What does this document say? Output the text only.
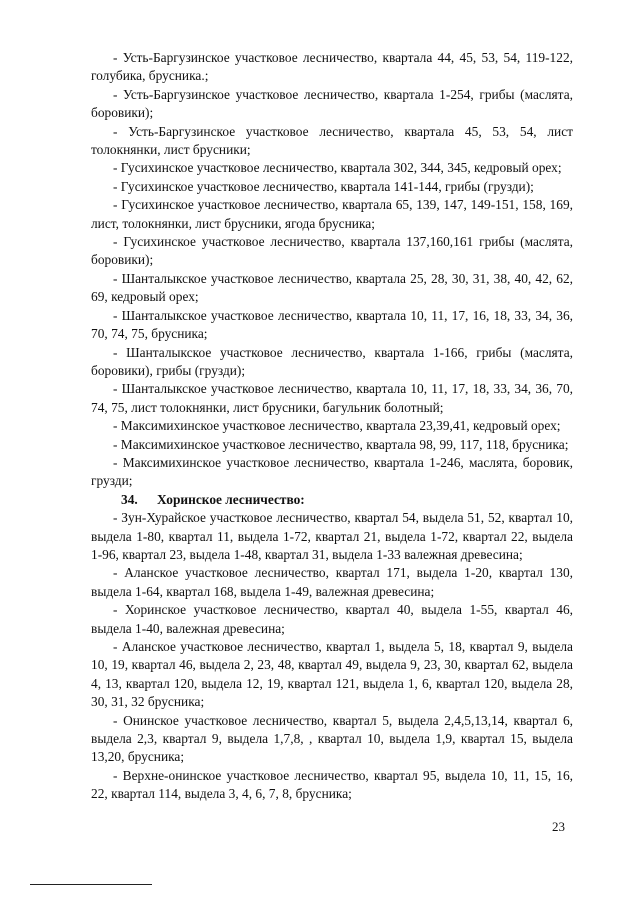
- Усть-Баргузинское участковое лесничество, квартала 44, 45, 53, 54, 119-122, голубика, брусника.;

- Усть-Баргузинское участковое лесничество, квартала 1-254, грибы (маслята, боровики);

- Усть-Баргузинское участковое лесничество, квартала 45, 53, 54, лист толокнянки, лист брусники;

- Гусихинское участковое лесничество, квартала 302, 344, 345, кедровый орех;

- Гусихинское участковое лесничество, квартала 141-144, грибы (грузди);

- Гусихинское участковое лесничество, квартала 65, 139, 147, 149-151, 158, 169, лист, толокнянки, лист брусники, ягода брусника;

- Гусихинское участковое лесничество, квартала 137,160,161 грибы (маслята, боровики);

- Шанталыкское участковое лесничество, квартала 25, 28, 30, 31, 38, 40, 42, 62, 69, кедровый орех;

- Шанталыкское участковое лесничество, квартала 10, 11, 17, 16, 18, 33, 34, 36, 70, 74, 75, брусника;

- Шанталыкское участковое лесничество, квартала 1-166, грибы (маслята, боровики), грибы (грузди);

- Шанталыкское участковое лесничество, квартала 10, 11, 17, 18, 33, 34, 36, 70, 74, 75, лист толокнянки, лист брусники, багульник болотный;

- Максимихинское участковое лесничество, квартала 23,39,41, кедровый орех;

- Максимихинское участковое лесничество, квартала 98, 99, 117, 118, брусника;

- Максимихинское участковое лесничество, квартала 1-246, маслята, боровик, грузди;

34. Хоринское лесничество:

- Зун-Хурайское участковое лесничество, квартал 54, выдела 51, 52, квартал 10, выдела 1-80, квартал 11, выдела 1-72, квартал 21, выдела 1-72, квартал 22, выдела 1-96, квартал 23, выдела 1-48, квартал 31, выдела 1-33 валежная древесина;

- Аланское участковое лесничество, квартал 171, выдела 1-20, квартал 130, выдела 1-64, квартал 168, выдела 1-49, валежная древесина;

- Хоринское участковое лесничество, квартал 40, выдела 1-55, квартал 46, выдела 1-40, валежная древесина;

- Аланское участковое лесничество, квартал 1, выдела 5, 18, квартал 9, выдела 10, 19, квартал 46, выдела 2, 23, 48, квартал 49, выдела 9, 23, 30, квартал 62, выдела 4, 13, квартал 120, выдела 12, 19, квартал 121, выдела 1, 6, квартал 120, выдела 28, 30, 31, 32 брусника;

- Онинское участковое лесничество, квартал 5, выдела 2,4,5,13,14, квартал 6, выдела 2,3, квартал 9, выдела 1,7,8, , квартал 10, выдела 1,9, квартал 15, выдела 13,20, брусника;

- Верхне-онинское участковое лесничество, квартал 95, выдела 10, 11, 15, 16, 22, квартал 114, выдела 3, 4, 6, 7, 8, брусника;

23
